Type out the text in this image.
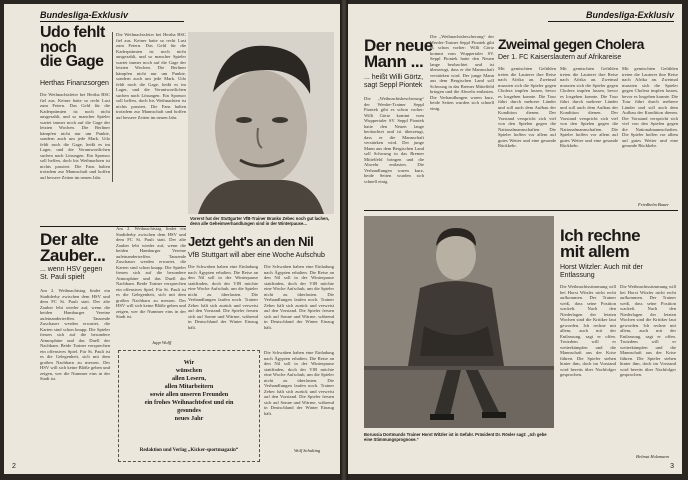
Bundesliga-Exklusiv
Udo fehlt
noch
die Gage
Herthas Finanzsorgen
Die Weihnachtsfeier bei Hertha BSC fiel aus. Keiner hatte so recht Lust zum Feiern. Das Geld für die Kaderprämien ist noch nicht ausgezahlt, und so mancher Spieler wartet immer noch auf die Gage der letzten Wochen. Die Berliner kämpfen nicht nur um Punkte, sondern auch um jede Mark. Udo fehlt noch die Gage, heißt es im Lager, und die Verantwortlichen suchen nach Lösungen. Ein Sponsor soll helfen, doch bis Weihnachten ist nichts passiert. Die Fans halten trotzdem zur Mannschaft und hoffen auf bessere Zeiten im neuen Jahr.
Die Weihnachtsfeier bei Hertha BSC fiel aus. Keiner hatte so recht Lust zum Feiern. Das Geld für die Kaderprämien ist noch nicht ausgezahlt, und so mancher Spieler wartet immer noch auf die Gage der letzten Wochen. Die Berliner kämpfen nicht nur um Punkte, sondern auch um jede Mark. Udo fehlt noch die Gage, heißt es im Lager, und die Verantwortlichen suchen nach Lösungen. Ein Sponsor soll helfen, doch bis Weihnachten ist nichts passiert. Die Fans halten trotzdem zur Mannschaft und hoffen auf bessere Zeiten im neuen Jahr.
Vorerst hat der Stuttgarter VfB-Trainer Branko Zebec noch gut lachen, denn alle Geheimverhandlungen sind in der Winterpause...
Der alte
Zauber...
... wenn HSV gegen St. Pauli spielt
Am 2. Weihnachtstag findet ein Stadtderby zwischen dem HSV und dem FC St. Pauli statt. Der alte Zauber lebt wieder auf, wenn die beiden Hamburger Vereine aufeinandertreffen. Tausende Zuschauer werden erwartet, die Karten sind schon knapp. Die Spieler freuen sich auf die besondere Atmosphäre und das Duell der Nachbarn. Beide Trainer versprechen ein offensives Spiel. Für St. Pauli ist es die Gelegenheit, sich mit dem großen Nachbarn zu messen. Der HSV will sich keine Blöße geben und zeigen, wer die Nummer eins in der Stadt ist.
Am 2. Weihnachtstag findet ein Stadtderby zwischen dem HSV und dem FC St. Pauli statt. Der alte Zauber lebt wieder auf, wenn die beiden Hamburger Vereine aufeinandertreffen. Tausende Zuschauer werden erwartet, die Karten sind schon knapp. Die Spieler freuen sich auf die besondere Atmosphäre und das Duell der Nachbarn. Beide Trainer versprechen ein offensives Spiel. Für St. Pauli ist es die Gelegenheit, sich mit dem großen Nachbarn zu messen. Der HSV will sich keine Blöße geben und zeigen, wer die Nummer eins in der Stadt ist.
Jupp Wolff
Jetzt geht's an den Nil
VfB Stuttgart will aber eine Woche Aufschub
Die Schwaben haben eine Einladung nach Ägypten erhalten. Die Reise an den Nil soll in der Winterpause stattfinden, doch der VfB möchte eine Woche Aufschub, um die Spieler nicht zu überlasten. Die Verhandlungen laufen noch. Trainer Zebec hält sich zurück und verweist auf den Vorstand. Die Spieler freuen sich auf Sonne und Wärme, während in Deutschland der Winter Einzug hält.
Die Schwaben haben eine Einladung nach Ägypten erhalten. Die Reise an den Nil soll in der Winterpause stattfinden, doch der VfB möchte eine Woche Aufschub, um die Spieler nicht zu überlasten. Die Verhandlungen laufen noch. Trainer Zebec hält sich zurück und verweist auf den Vorstand. Die Spieler freuen sich auf Sonne und Wärme, während in Deutschland der Winter Einzug hält.
Wolf Schulting
Die Schwaben haben eine Einladung nach Ägypten erhalten. Die Reise an den Nil soll in der Winterpause stattfinden, doch der VfB möchte eine Woche Aufschub, um die Spieler nicht zu überlasten. Die Verhandlungen laufen noch. Trainer Zebec hält sich zurück und verweist auf den Vorstand. Die Spieler freuen sich auf Sonne und Wärme, während in Deutschland der Winter Einzug hält.
Wir
wünschen
allen Lesern,
allen Mitarbeitern
sowie allen unseren Freunden
ein frohes Weihnachtsfest und ein
gesundes
neues Jahr
Redaktion und Verlag „Kicker-sportmagazin“
2
Bundesliga-Exklusiv
Der neue
Mann ...
... heißt Willi Görtz, sagt Seppl Piontek
Die „Weihnachtsbescherung“ der Werder-Trainer Seppl Piontek gibt es schon vorher: Willi Görtz kommt vom Wuppertaler SV. Seppl Piontek hatte den Neuen lange beobachtet und ist überzeugt, dass er die Mannschaft verstärken wird. Der junge Mann aus dem Bergischen Land soll Schwung in das Bremer Mittelfeld bringen und die Abwehr entlasten. Die Verhandlungen waren kurz, beide Seiten wurden sich schnell einig.
Die „Weihnachtsbescherung“ der Werder-Trainer Seppl Piontek gibt es schon vorher: Willi Görtz kommt vom Wuppertaler SV. Seppl Piontek hatte den Neuen lange beobachtet und ist überzeugt, dass er die Mannschaft verstärken wird. Der junge Mann aus dem Bergischen Land soll Schwung in das Bremer Mittelfeld bringen und die Abwehr entlasten. Die Verhandlungen waren kurz, beide Seiten wurden sich schnell einig.
Zweimal gegen Cholera
Der 1. FC Kaiserslautern auf Afrikareise
Mit gemischten Gefühlen treten die Lauterer ihre Reise nach Afrika an. Zweimal mussten sich die Spieler gegen Cholera impfen lassen, bevor es losgehen konnte. Die Tour führt durch mehrere Länder und soll auch dem Aufbau der Kondition dienen. Der Vorstand verspricht sich viel von den Spielen gegen die Nationalmannschaften. Die Spieler hoffen vor allem auf gutes Wetter und eine gesunde Rückkehr.
Mit gemischten Gefühlen treten die Lauterer ihre Reise nach Afrika an. Zweimal mussten sich die Spieler gegen Cholera impfen lassen, bevor es losgehen konnte. Die Tour führt durch mehrere Länder und soll auch dem Aufbau der Kondition dienen. Der Vorstand verspricht sich viel von den Spielen gegen die Nationalmannschaften. Die Spieler hoffen vor allem auf gutes Wetter und eine gesunde Rückkehr.
Mit gemischten Gefühlen treten die Lauterer ihre Reise nach Afrika an. Zweimal mussten sich die Spieler gegen Cholera impfen lassen, bevor es losgehen konnte. Die Tour führt durch mehrere Länder und soll auch dem Aufbau der Kondition dienen. Der Vorstand verspricht sich viel von den Spielen gegen die Nationalmannschaften. Die Spieler hoffen vor allem auf gutes Wetter und eine gesunde Rückkehr.
Friedhelm Bauer
Borussia Dortmunds Trainer Horst Witzler ist in Gefahr. Präsident Dr. Rösler sagt: „Ich gebe eine Stimmungsprognose.“
Ich rechne
mit allem
Horst Witzler: Auch mit der Entlassung
Die Weihnachtsstimmung will bei Horst Witzler nicht recht aufkommen. Der Trainer weiß, dass seine Position wackelt. Nach den Niederlagen der letzten Wochen sind die Kritiker laut geworden. Ich rechne mit allem, auch mit der Entlassung, sagt er offen. Trotzdem will er weiterkämpfen und die Mannschaft aus der Krise führen. Die Spieler stehen hinter ihm, doch im Vorstand wird bereits über Nachfolger gesprochen.
Die Weihnachtsstimmung will bei Horst Witzler nicht recht aufkommen. Der Trainer weiß, dass seine Position wackelt. Nach den Niederlagen der letzten Wochen sind die Kritiker laut geworden. Ich rechne mit allem, auch mit der Entlassung, sagt er offen. Trotzdem will er weiterkämpfen und die Mannschaft aus der Krise führen. Die Spieler stehen hinter ihm, doch im Vorstand wird bereits über Nachfolger gesprochen.
Helmut Holzmann
3
